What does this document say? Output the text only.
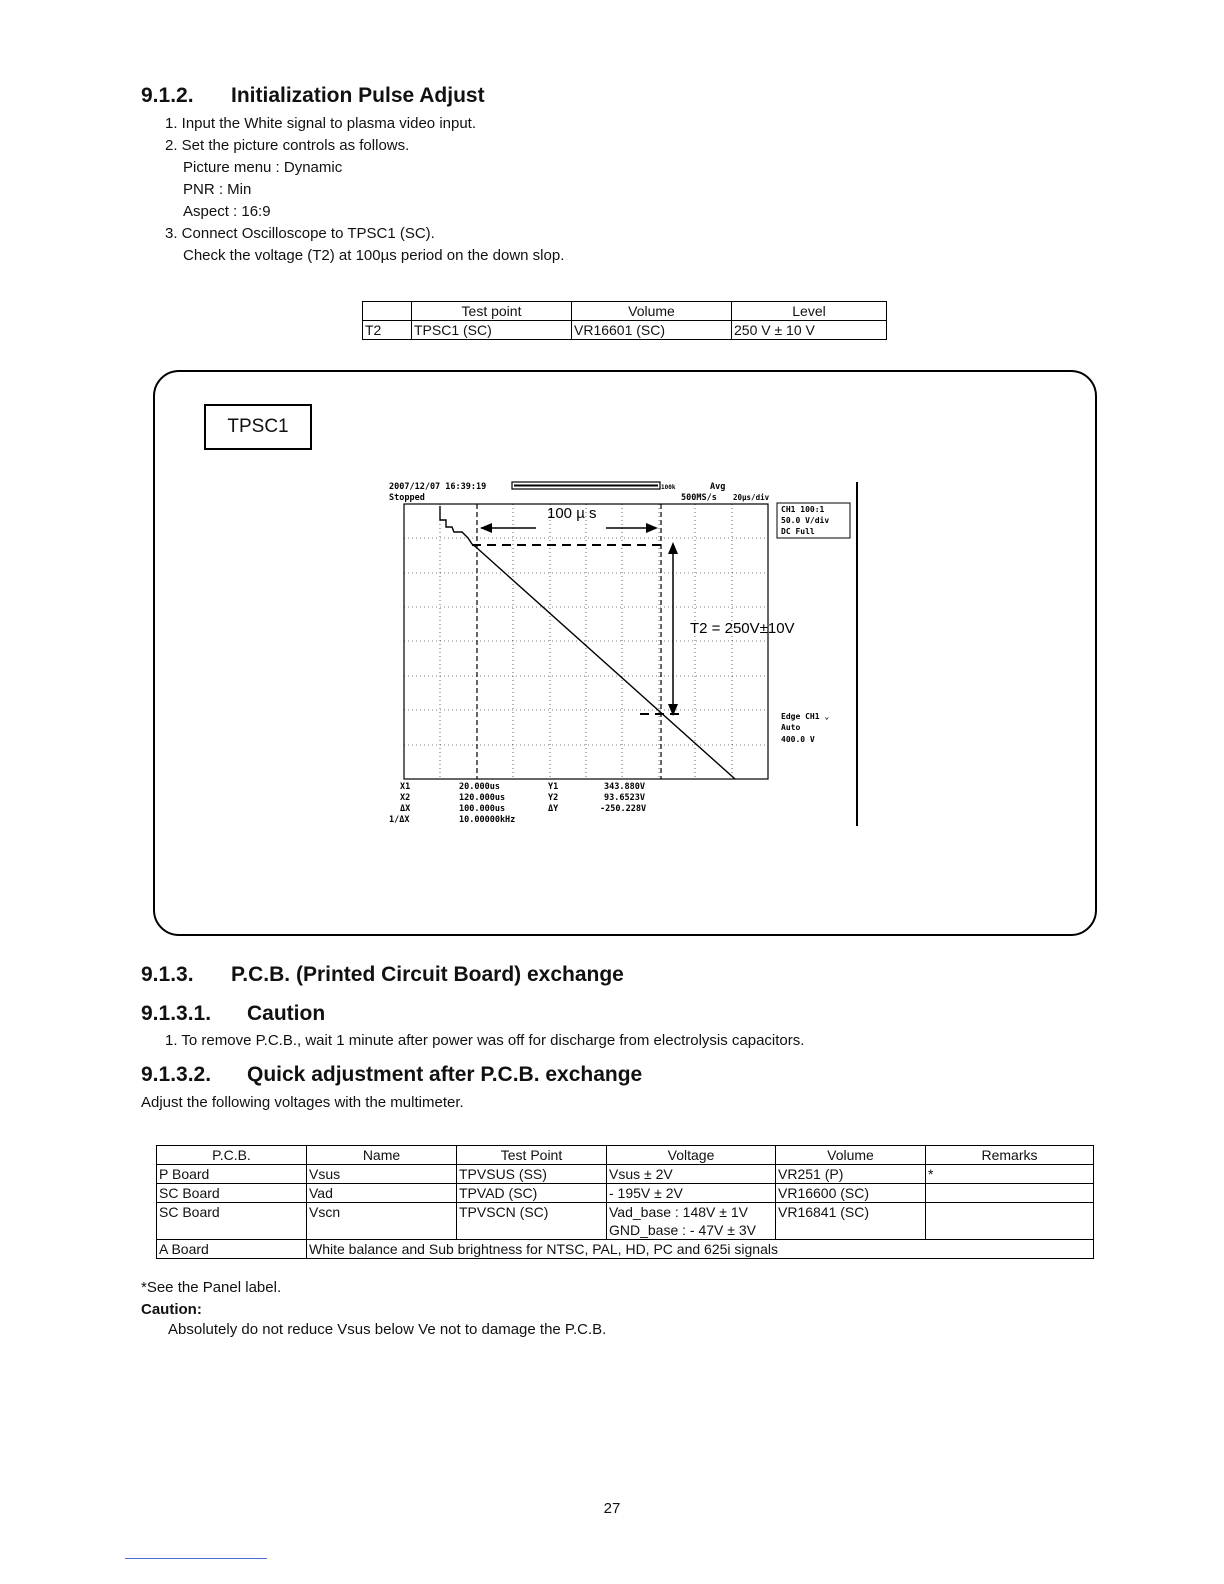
9.1.2. Initialization Pulse Adjust
1. Input the White signal to plasma video input.
2. Set the picture controls as follows.
Picture menu : Dynamic
PNR : Min
Aspect : 16:9
3. Connect Oscilloscope to TPSC1 (SC).
Check the voltage (T2) at 100µs period on the down slop.
	Test point	Volume	Level
T2	TPSC1 (SC)	VR16601 (SC)	250 V ± 10 V
TPSC1
2007/12/07 16:39:19	100k	Avg
Stopped	500MS/s 20µs/div
100 µ s
T2 = 250V±10V
CH1 100:1
50.0 V/div
DC Full
Edge CH1 ⌄
Auto
400.0 V
X1	20.000us	Y1	343.880V
X2	120.000us	Y2	93.6523V
ΔX	100.000us	ΔY	-250.228V
1/ΔX	10.00000kHz
9.1.3. P.C.B. (Printed Circuit Board) exchange
9.1.3.1. Caution
1. To remove P.C.B., wait 1 minute after power was off for discharge from electrolysis capacitors.
9.1.3.2. Quick adjustment after P.C.B. exchange
Adjust the following voltages with the multimeter.
P.C.B.	Name	Test Point	Voltage	Volume	Remarks
P Board	Vsus	TPVSUS (SS)	Vsus ± 2V	VR251 (P)	*
SC Board	Vad	TPVAD (SC)	- 195V ± 2V	VR16600 (SC)	
SC Board	Vscn	TPVSCN (SC)	Vad_base : 148V ± 1V
GND_base : - 47V ± 3V	VR16841 (SC)	
A Board	White balance and Sub brightness for NTSC, PAL, HD, PC and 625i signals				
*See the Panel label.
Caution:
Absolutely do not reduce Vsus below Ve not to damage the P.C.B.
27
